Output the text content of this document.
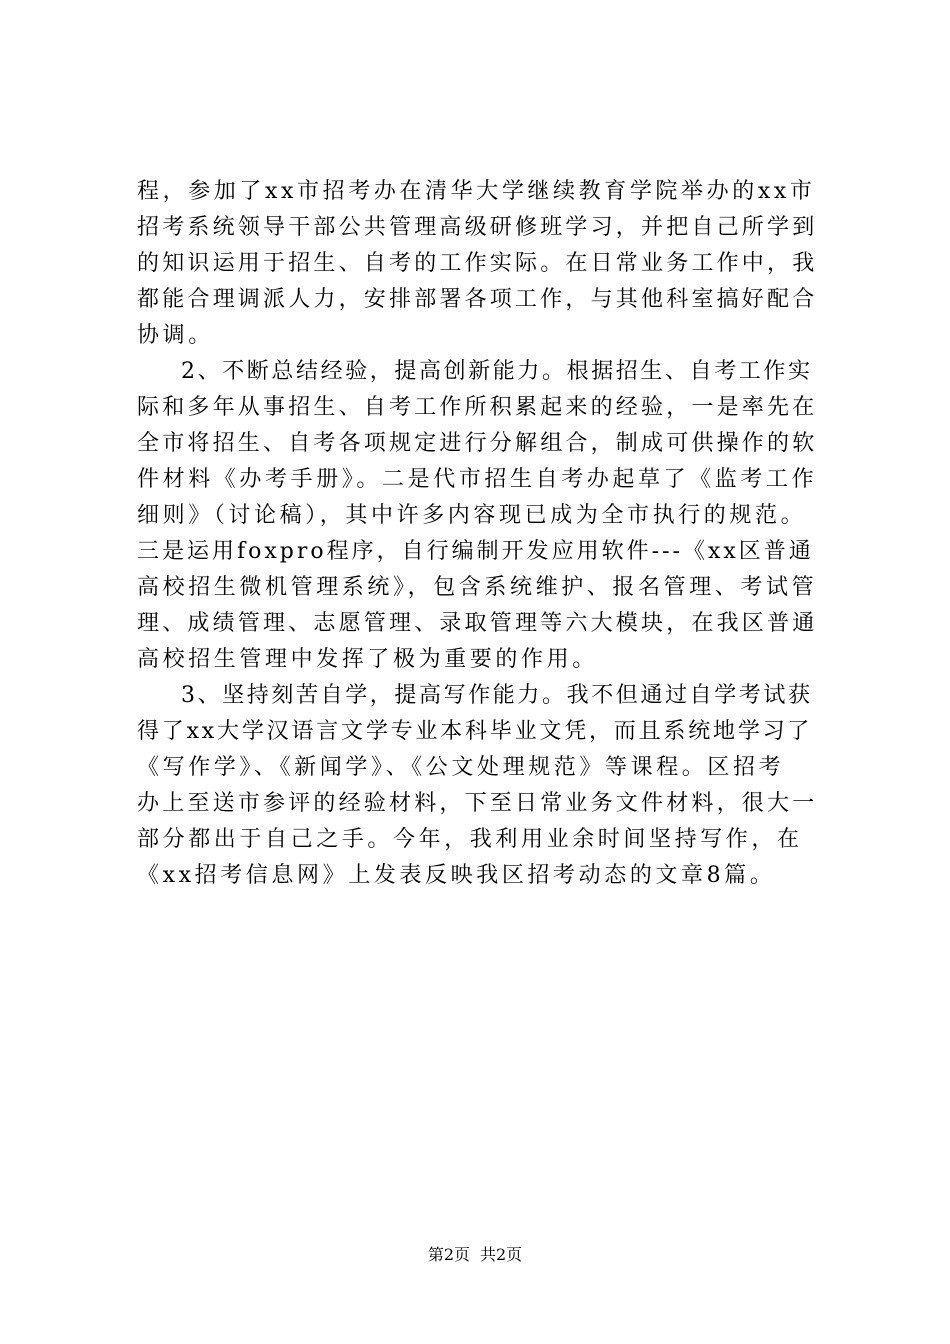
程，参加了xx市招考办在清华大学继续教育学院举办的xx市
招考系统领导干部公共管理高级研修班学习，并把自己所学到
的知识运用于招生、自考的工作实际。在日常业务工作中，我
都能合理调派人力，安排部署各项工作，与其他科室搞好配合
协调。
2、不断总结经验，提高创新能力。根据招生、自考工作实
际和多年从事招生、自考工作所积累起来的经验，一是率先在
全市将招生、自考各项规定进行分解组合，制成可供操作的软
件材料《办考手册》。二是代市招生自考办起草了《监考工作
细则》（讨论稿），其中许多内容现已成为全市执行的规范。
三是运用foxpro程序，自行编制开发应用软件---《xx区普通
高校招生微机管理系统》，包含系统维护、报名管理、考试管
理、成绩管理、志愿管理、录取管理等六大模块，在我区普通
高校招生管理中发挥了极为重要的作用。
3、坚持刻苦自学，提高写作能力。我不但通过自学考试获
得了xx大学汉语言文学专业本科毕业文凭，而且系统地学习了
《写作学》、《新闻学》、《公文处理规范》等课程。区招考
办上至送市参评的经验材料，下至日常业务文件材料，很大一
部分都出于自己之手。今年，我利用业余时间坚持写作，在
《xx招考信息网》上发表反映我区招考动态的文章8篇。
第2页 共2页
